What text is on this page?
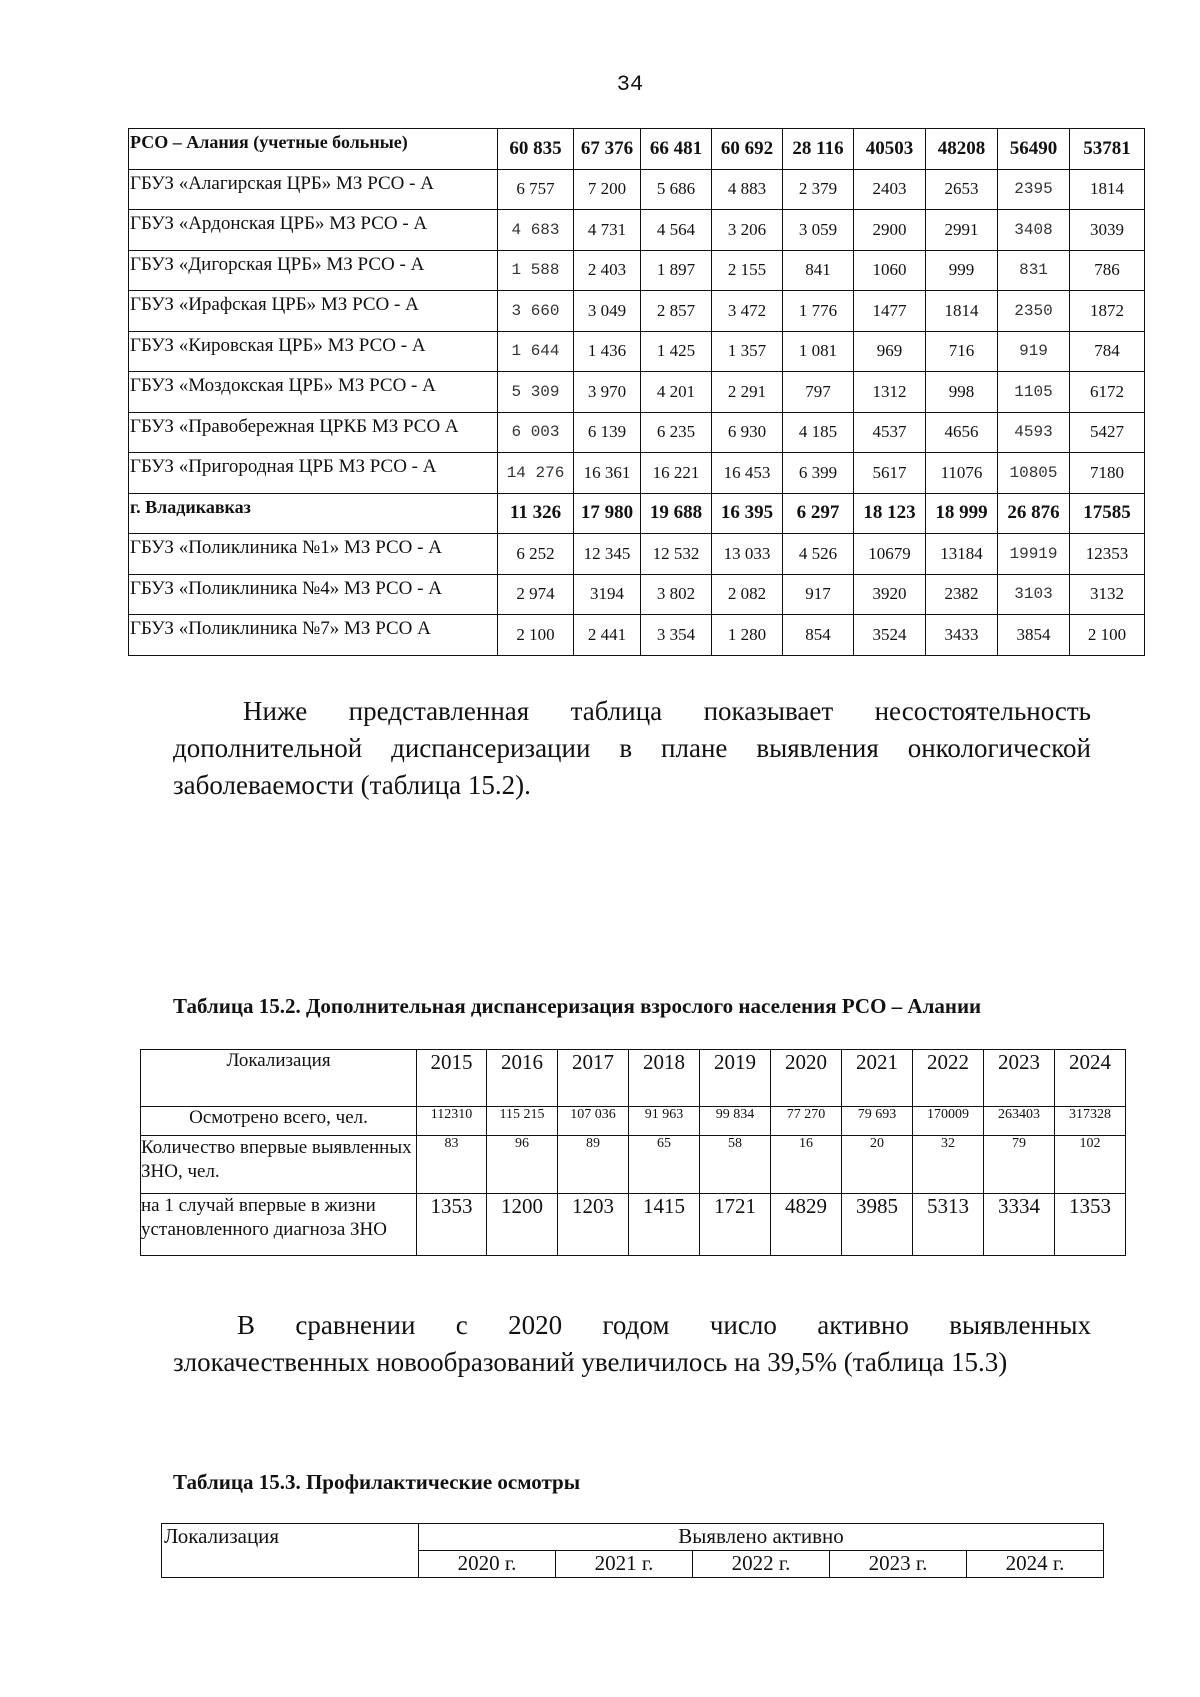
34
РСО – Алания (учетные больные)	60 835	67 376	66 481	60 692	28 116	40503	48208	56490	53781
ГБУЗ «Алагирская ЦРБ» МЗ РСО - А	6 757	7 200	5 686	4 883	2 379	2403	2653	2395	1814
ГБУЗ «Ардонская ЦРБ» МЗ РСО - А	4 683	4 731	4 564	3 206	3 059	2900	2991	3408	3039
ГБУЗ «Дигорская ЦРБ» МЗ РСО - А	1 588	2 403	1 897	2 155	841	1060	999	831	786
ГБУЗ «Ирафская ЦРБ» МЗ РСО - А	3 660	3 049	2 857	3 472	1 776	1477	1814	2350	1872
ГБУЗ «Кировская ЦРБ» МЗ РСО - А	1 644	1 436	1 425	1 357	1 081	969	716	919	784
ГБУЗ «Моздокская ЦРБ» МЗ РСО - А	5 309	3 970	4 201	2 291	797	1312	998	1105	6172
ГБУЗ «Правобережная ЦРКБ МЗ РСО А	6 003	6 139	6 235	6 930	4 185	4537	4656	4593	5427
ГБУЗ «Пригородная ЦРБ МЗ РСО - А	14 276	16 361	16 221	16 453	6 399	5617	11076	10805	7180
г. Владикавказ	11 326	17 980	19 688	16 395	6 297	18 123	18 999	26 876	17585
ГБУЗ «Поликлиника №1» МЗ РСО - А	6 252	12 345	12 532	13 033	4 526	10679	13184	19919	12353
ГБУЗ «Поликлиника №4» МЗ РСО - А	2 974	3194	3 802	2 082	917	3920	2382	3103	3132
ГБУЗ «Поликлиника №7» МЗ РСО А	2 100	2 441	3 354	1 280	854	3524	3433	3854	2 100
Ниже представленная таблица показывает несостоятельность
дополнительной диспансеризации в плане выявления онкологической
заболеваемости (таблица 15.2).
Таблица 15.2. Дополнительная диспансеризация взрослого населения РСО – Алании
Локализация	2015	2016	2017	2018	2019	2020	2021	2022	2023	2024
Осмотрено всего, чел.	112310	115 215	107 036	91 963	99 834	77 270	79 693	170009	263403	317328
Количество впервые выявленных ЗНО, чел.	83	96	89	65	58	16	20	32	79	102
на 1 случай впервые в жизни установленного диагноза ЗНО	1353	1200	1203	1415	1721	4829	3985	5313	3334	1353
В сравнении с 2020 годом число активно выявленных
злокачественных новообразований увеличилось на 39,5% (таблица 15.3)
Таблица 15.3. Профилактические осмотры
Локализация	Выявлено активно				
	2020 г.	2021 г.	2022 г.	2023 г.	2024 г.
